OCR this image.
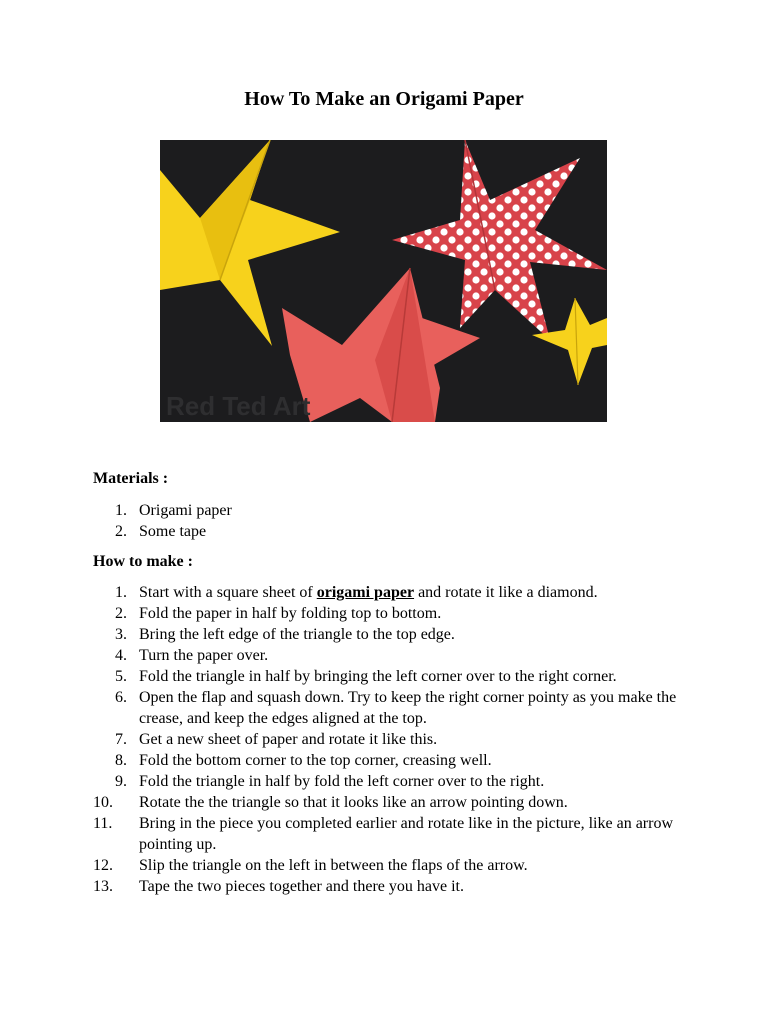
How To Make an Origami Paper
Red Ted Art
Materials :
1. Origami paper
2. Some tape
How to make :
1. Start with a square sheet of origami paper and rotate it like a diamond.
2. Fold the paper in half by folding top to bottom.
3. Bring the left edge of the triangle to the top edge.
4. Turn the paper over.
5. Fold the triangle in half by bringing the left corner over to the right corner.
6. Open the flap and squash down. Try to keep the right corner pointy as you make the crease, and keep the edges aligned at the top.
7. Get a new sheet of paper and rotate it like this.
8. Fold the bottom corner to the top corner, creasing well.
9. Fold the triangle in half by fold the left corner over to the right.
10. Rotate the the triangle so that it looks like an arrow pointing down.
11. Bring in the piece you completed earlier and rotate like in the picture, like an arrow pointing up.
12. Slip the triangle on the left in between the flaps of the arrow.
13. Tape the two pieces together and there you have it.
